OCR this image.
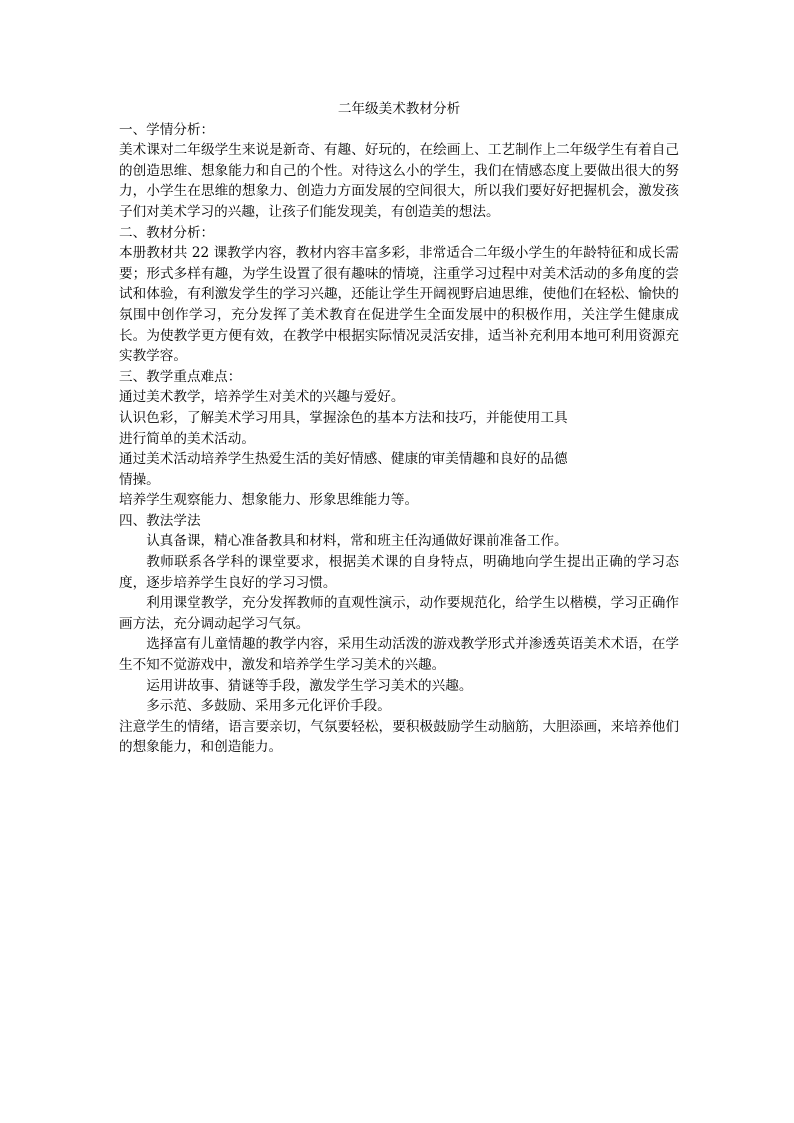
二年级美术教材分析

一、学情分析：

美术课对二年级学生来说是新奇、有趣、好玩的，在绘画上、工艺制作上二年级学生有着自己的创造思维、想象能力和自己的个性。对待这么小的学生，我们在情感态度上要做出很大的努力，小学生在思维的想象力、创造力方面发展的空间很大，所以我们要好好把握机会，激发孩子们对美术学习的兴趣，让孩子们能发现美，有创造美的想法。

二、教材分析：

本册教材共 22 课教学内容，教材内容丰富多彩，非常适合二年级小学生的年龄特征和成长需要；形式多样有趣，为学生设置了很有趣味的情境，注重学习过程中对美术活动的多角度的尝试和体验，有利激发学生的学习兴趣，还能让学生开阔视野启迪思维，使他们在轻松、愉快的氛围中创作学习，充分发挥了美术教育在促进学生全面发展中的积极作用，关注学生健康成长。为使教学更方便有效，在教学中根据实际情况灵活安排，适当补充利用本地可利用资源充实教学容。

三、教学重点难点：

通过美术教学，培养学生对美术的兴趣与爱好。

认识色彩，了解美术学习用具，掌握涂色的基本方法和技巧，并能使用工具

进行简单的美术活动。

通过美术活动培养学生热爱生活的美好情感、健康的审美情趣和良好的品德

情操。

培养学生观察能力、想象能力、形象思维能力等。

四、教法学法

认真备课，精心准备教具和材料，常和班主任沟通做好课前准备工作。

教师联系各学科的课堂要求，根据美术课的自身特点，明确地向学生提出正确的学习态度，逐步培养学生良好的学习习惯。

利用课堂教学，充分发挥教师的直观性演示，动作要规范化，给学生以楷模，学习正确作画方法，充分调动起学习气氛。

选择富有儿童情趣的教学内容，采用生动活泼的游戏教学形式并渗透英语美术术语，在学生不知不觉游戏中，激发和培养学生学习美术的兴趣。

运用讲故事、猜谜等手段，激发学生学习美术的兴趣。

多示范、多鼓励、采用多元化评价手段。

注意学生的情绪，语言要亲切，气氛要轻松，要积极鼓励学生动脑筋，大胆添画，来培养他们的想象能力，和创造能力。
